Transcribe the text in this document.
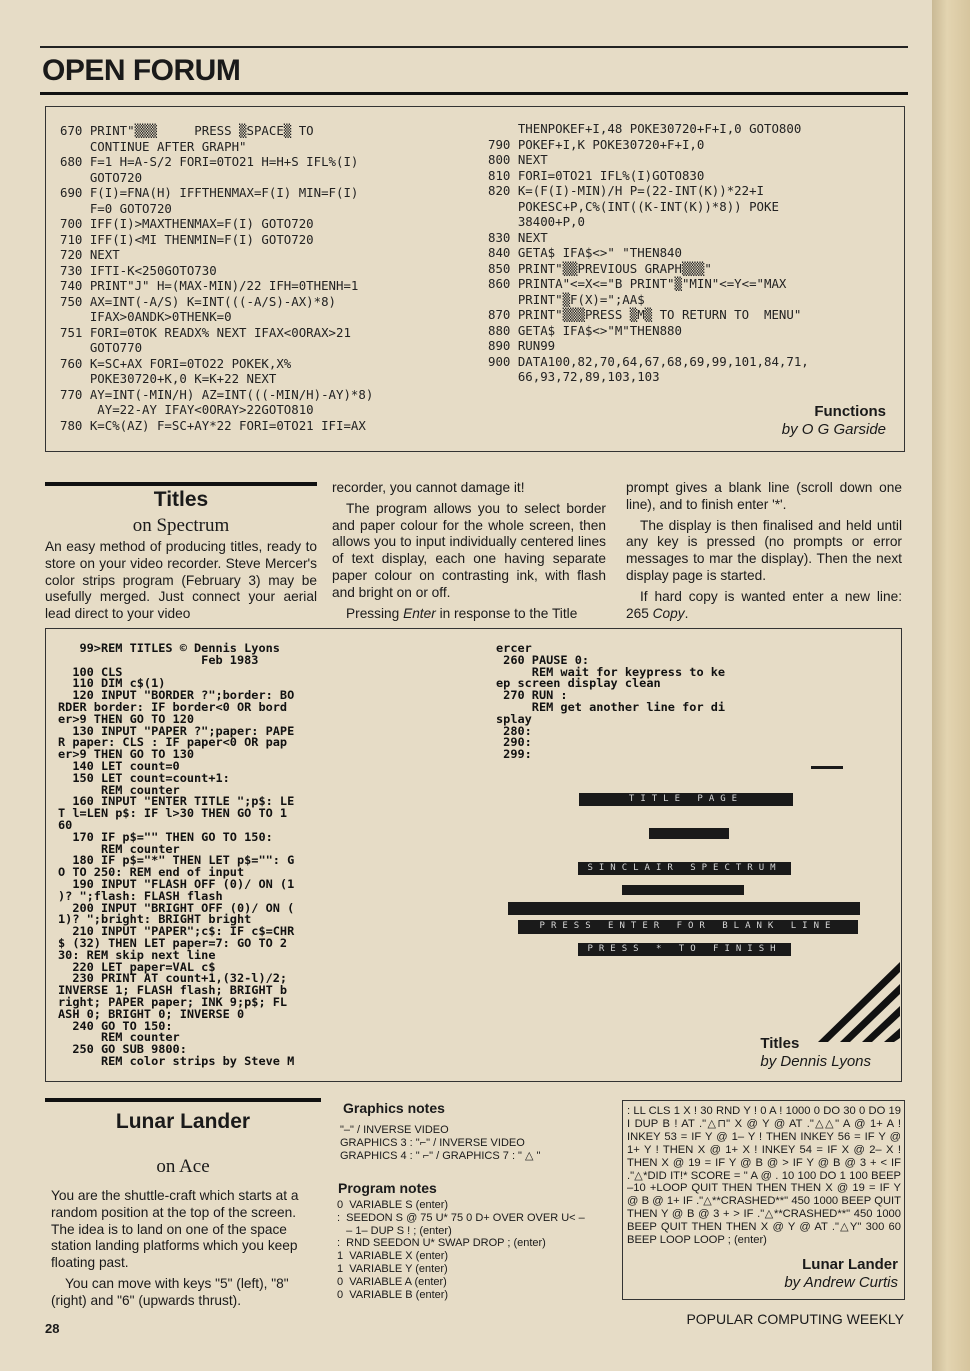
OPEN FORUM
670 PRINT"▒▒▒     PRESS ▒SPACE▒ TO
CONTINUE AFTER GRAPH"
680 F=1 H=A-S/2 FORI=0TO21 H=H+S IFL%(I)
GOTO720
690 F(I)=FNA(H) IFFTHENMAX=F(I) MIN=F(I)
F=0 GOTO720
700 IFF(I)>MAXTHENMAX=F(I) GOTO720
710 IFF(I)<MI THENMIN=F(I) GOTO720
720 NEXT
730 IFTI-K<250GOTO730
740 PRINT"J" H=(MAX-MIN)/22 IFH=0THENH=1
750 AX=INT(-A/S) K=INT(((-A/S)-AX)*8)
IFAX>0ANDK>0THENK=0
751 FORI=0TOK READX% NEXT IFAX<0ORAX>21
GOTO770
760 K=SC+AX FORI=0TO22 POKEK,X%
POKE30720+K,0 K=K+22 NEXT
770 AY=INT(-MIN/H) AZ=INT(((-MIN/H)-AY)*8)
AY=22-AY IFAY<0ORAY>22GOTO810
780 K=C%(AZ) F=SC+AY*22 FORI=0TO21 IFI=AX
THENPOKEF+I,48 POKE30720+F+I,0 GOTO800
790 POKEF+I,K POKE30720+F+I,0
800 NEXT
810 FORI=0TO21 IFL%(I)GOTO830
820 K=(F(I)-MIN)/H P=(22-INT(K))*22+I
POKESC+P,C%(INT((K-INT(K))*8)) POKE
38400+P,0
830 NEXT
840 GETA$ IFA$<>" "THEN840
850 PRINT"▒▒PREVIOUS GRAPH▒▒▒"
860 PRINTA"<=X<="B PRINT"▒"MIN"<=Y<="MAX
PRINT"▒F(X)=";AA$
870 PRINT"▒▒▒PRESS ▒M▒ TO RETURN TO  MENU"
880 GETA$ IFA$<>"M"THEN880
890 RUN99
900 DATA100,82,70,64,67,68,69,99,101,84,71,
66,93,72,89,103,103
Functions
by O G Garside
Titles
on Spectrum

An easy method of producing titles, ready to store on your video recorder. Steve Mercer's color strips program (February 3) may be usefully merged. Just connect your aerial lead direct to your video

recorder, you cannot damage it!

The program allows you to select border and paper colour for the whole screen, then allows you to input individually centered lines of text display, each one having separate paper colour on contrasting ink, with flash and bright on or off.

Pressing Enter in response to the Title

prompt gives a blank line (scroll down one line), and to finish enter '*'.

The display is then finalised and held until any key is pressed (no prompts or error messages to mar the display). Then the next display page is started.

If hard copy is wanted enter a new line: 265 Copy.

99>REM TITLES © Dennis Lyons
Feb 1983
100 CLS
110 DIM c$(1)
120 INPUT "BORDER ?";border: BO
RDER border: IF border<0 OR bord
er>9 THEN GO TO 120
130 INPUT "PAPER ?";paper: PAPE
R paper: CLS : IF paper<0 OR pap
er>9 THEN GO TO 130
140 LET count=0
150 LET count=count+1:
REM counter
160 INPUT "ENTER TITLE ";p$: LE
T l=LEN p$: IF l>30 THEN GO TO 1
60
170 IF p$="" THEN GO TO 150:
REM counter
180 IF p$="*" THEN LET p$="": G
O TO 250: REM end of input
190 INPUT "FLASH OFF (0)/ ON (1
)? ";flash: FLASH flash
200 INPUT "BRIGHT OFF (0)/ ON (
1)? ";bright: BRIGHT bright
210 INPUT "PAPER";c$: IF c$=CHR
$ (32) THEN LET paper=7: GO TO 2
30: REM skip next line
220 LET paper=VAL c$
230 PRINT AT count+1,(32-l)/2;
INVERSE 1; FLASH flash; BRIGHT b
right; PAPER paper; INK 9;p$; FL
ASH 0; BRIGHT 0; INVERSE 0
240 GO TO 150:
REM counter
250 GO SUB 9800:
REM color strips by Steve M
ercer
260 PAUSE 0:
REM wait for keypress to ke
ep screen display clean
270 RUN :
REM get another line for di
splay
280:
290:
299:
TITLE PAGE
SINCLAIR SPECTRUM
PRESS ENTER FOR BLANK LINE
PRESS * TO FINISH
Titles
by Dennis Lyons
Lunar Lander
on Ace

You are the shuttle-craft which starts at a random position at the top of the screen. The idea is to land on one of the space station landing platforms which you keep floating past.

You can move with keys "5" (left), "8" (right) and "6" (upwards thrust).

Graphics notes
"–" / INVERSE VIDEO
GRAPHICS 3 : "⌐" / INVERSE VIDEO
GRAPHICS 4 : " ⌐" / GRAPHICS 7 : " △ "
Program notes
0  VARIABLE S (enter)
:  SEEDON S @ 75 U* 75 0 D+ OVER OVER U< –
– 1– DUP S ! ; (enter)
:  RND SEEDON U* SWAP DROP ; (enter)
1  VARIABLE X (enter)
1  VARIABLE Y (enter)
0  VARIABLE A (enter)
0  VARIABLE B (enter)
: LL CLS 1 X ! 30 RND Y ! 0 A ! 1000 0 DO 30 0 DO 19 I DUP B ! AT ."△⊓" X @ Y @ AT ."△△" A @ 1+ A ! INKEY 53 = IF Y @ 1– Y ! THEN INKEY 56 = IF Y @ 1+ Y ! THEN X @ 1+ X ! INKEY 54 = IF X @ 2– X ! THEN X @ 19 = IF Y @ B @ > IF Y @ B @ 3 + < IF ."△*DID IT!* SCORE = " A @ . 10 100 DO 1 100 BEEP –10 +LOOP QUIT THEN THEN THEN X @ 19 = IF Y @ B @ 1+ IF ."△**CRASHED**" 450 1000 BEEP QUIT THEN Y @ B @ 3 + > IF ."△**CRASHED**" 450 1000 BEEP QUIT THEN THEN X @ Y @ AT ."△Y" 300 60 BEEP LOOP LOOP ; (enter)
Lunar Lander
by Andrew Curtis
28
POPULAR COMPUTING WEEKLY
